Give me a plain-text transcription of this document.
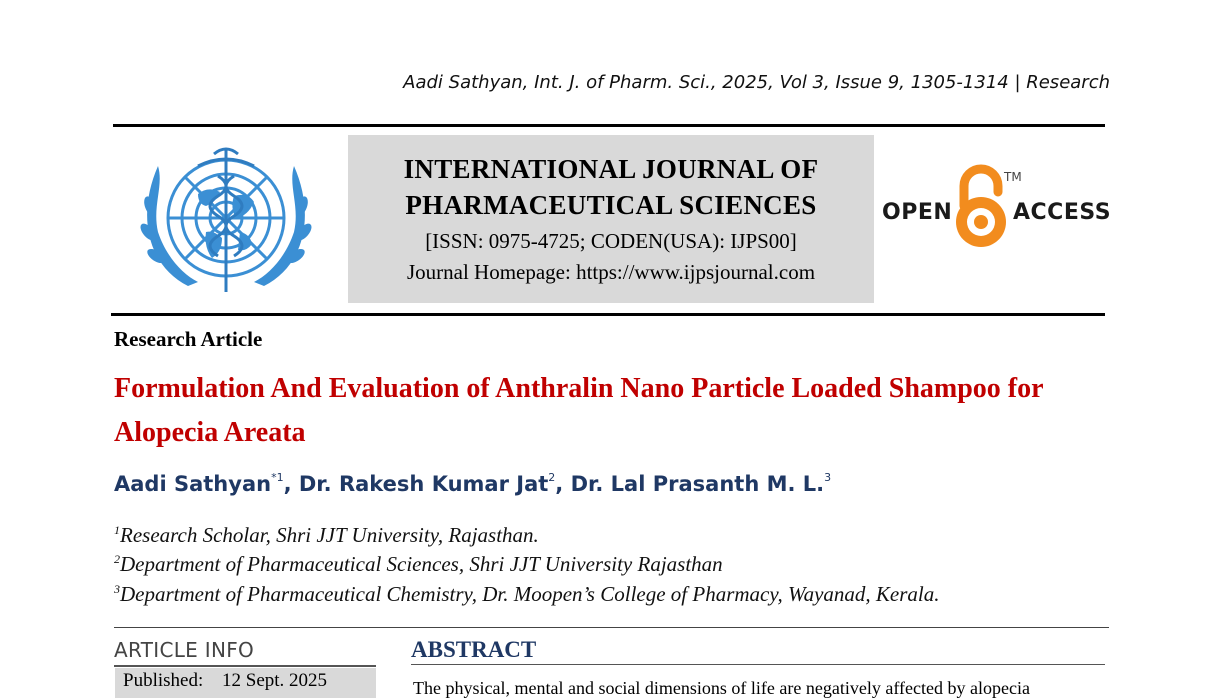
Aadi Sathyan, Int. J. of Pharm. Sci., 2025, Vol 3, Issue 9, 1305-1314 | Research
INTERNATIONAL JOURNAL OF
PHARMACEUTICAL SCIENCES
[ISSN: 0975-4725; CODEN(USA): IJPS00]
Journal Homepage: https://www.ijpsjournal.com
OPEN
TM
ACCESS
Research Article
Formulation And Evaluation of Anthralin Nano Particle Loaded Shampoo for Alopecia Areata
Aadi Sathyan$^{*1}$, Dr. Rakesh Kumar Jat$^2$, Dr. Lal Prasanth M. L.$^3$
$^1$Research Scholar, Shri JJT University, Rajasthan.
$^2$Department of Pharmaceutical Sciences, Shri JJT University Rajasthan
$^3$Department of Pharmaceutical Chemistry, Dr. Moopen’s College of Pharmacy, Wayanad, Kerala.
ARTICLE INFO
Published: 12 Sept. 2025
ABSTRACT
The physical, mental and social dimensions of life are negatively affected by alopecia
